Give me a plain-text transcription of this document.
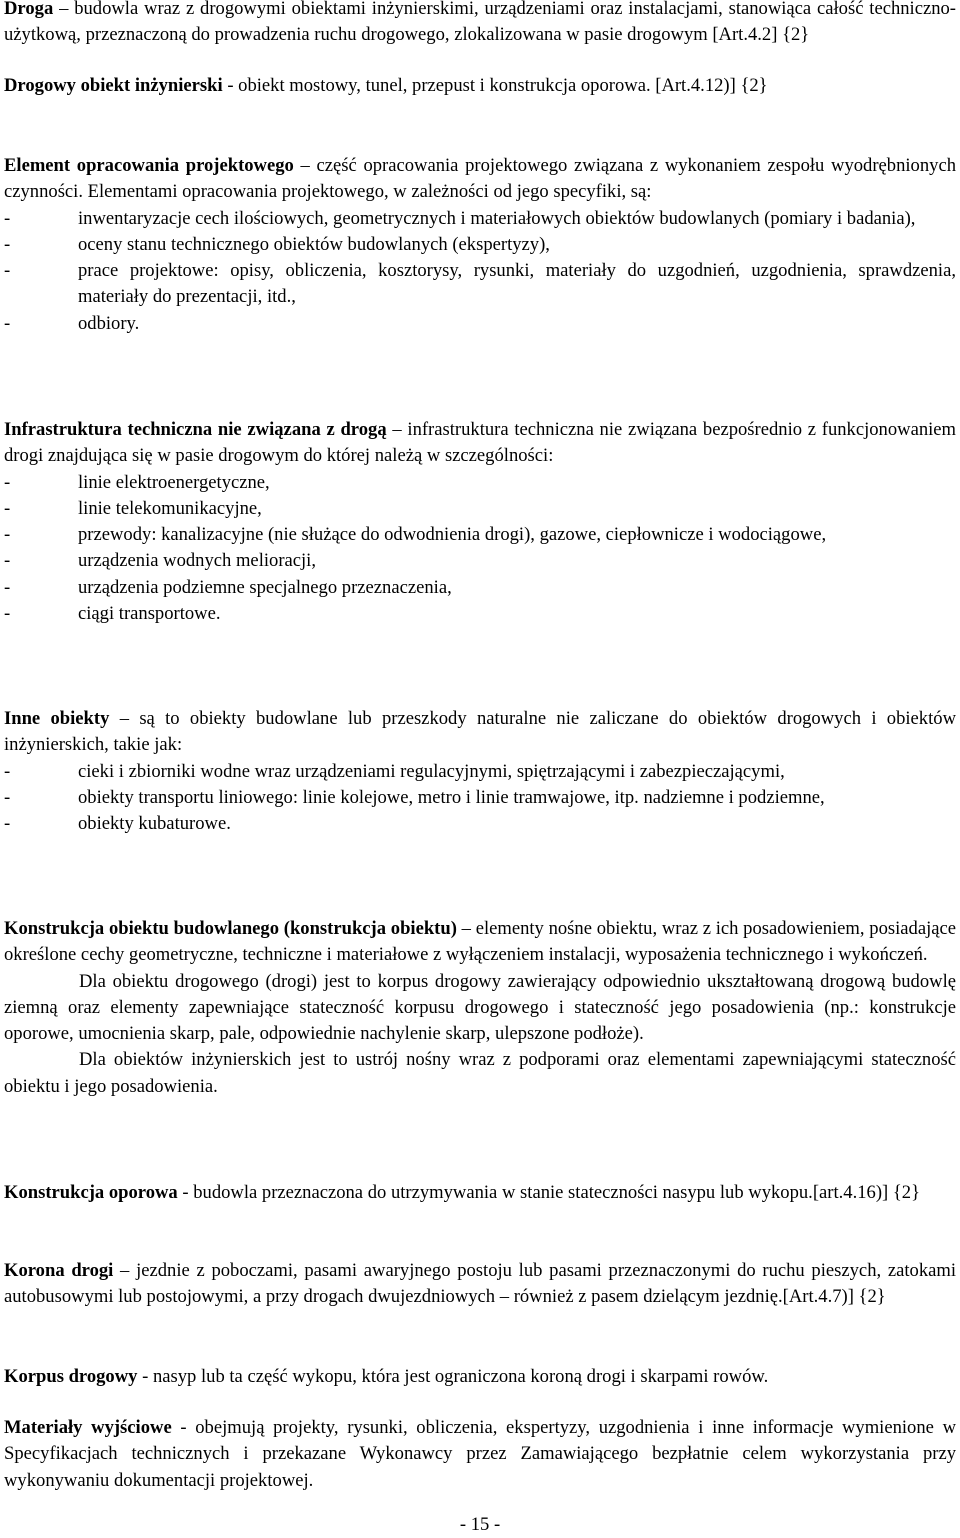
Droga – budowla wraz z drogowymi obiektami inżynierskimi, urządzeniami oraz instalacjami, stanowiąca całość techniczno-użytkową, przeznaczoną do prowadzenia ruchu drogowego, zlokalizowana w pasie drogowym [Art.4.2] {2}

Drogowy obiekt inżynierski - obiekt mostowy, tunel, przepust i konstrukcja oporowa. [Art.4.12)] {2}

Element opracowania projektowego – część opracowania projektowego związana z wykonaniem zespołu wyodrębnionych czynności. Elementami opracowania projektowego, w zależności od jego specyfiki, są:

- inwentaryzacje cech ilościowych, geometrycznych i materiałowych obiektów budowlanych (pomiary i badania),
- oceny stanu technicznego obiektów budowlanych (ekspertyzy),
- prace projektowe: opisy, obliczenia, kosztorysy, rysunki, materiały do uzgodnień, uzgodnienia, sprawdzenia, materiały do prezentacji, itd.,
- odbiory.

Infrastruktura techniczna nie związana z drogą – infrastruktura techniczna nie związana bezpośrednio z funkcjonowaniem drogi znajdująca się w pasie drogowym do której należą w szczególności:

- linie elektroenergetyczne,
- linie telekomunikacyjne,
- przewody: kanalizacyjne (nie służące do odwodnienia drogi), gazowe, ciepłownicze i wodociągowe,
- urządzenia wodnych melioracji,
- urządzenia podziemne specjalnego przeznaczenia,
- ciągi transportowe.

Inne obiekty – są to obiekty budowlane lub przeszkody naturalne nie zaliczane do obiektów drogowych i obiektów inżynierskich, takie jak:

- cieki i zbiorniki wodne wraz urządzeniami regulacyjnymi, spiętrzającymi i zabezpieczającymi,
- obiekty transportu liniowego: linie kolejowe, metro i linie tramwajowe, itp. nadziemne i podziemne,
- obiekty kubaturowe.

Konstrukcja obiektu budowlanego (konstrukcja obiektu) – elementy nośne obiektu, wraz z ich posadowieniem, posiadające określone cechy geometryczne, techniczne i materiałowe z wyłączeniem instalacji, wyposażenia technicznego i wykończeń.

Dla obiektu drogowego (drogi) jest to korpus drogowy zawierający odpowiednio ukształtowaną drogową budowlę ziemną oraz elementy zapewniające stateczność korpusu drogowego i stateczność jego posadowienia (np.: konstrukcje oporowe, umocnienia skarp, pale, odpowiednie nachylenie skarp, ulepszone podłoże).

Dla obiektów inżynierskich jest to ustrój nośny wraz z podporami oraz elementami zapewniającymi stateczność obiektu i jego posadowienia.

Konstrukcja oporowa - budowla przeznaczona do utrzymywania w stanie stateczności nasypu lub wykopu.[art.4.16)] {2}

Korona drogi – jezdnie z poboczami, pasami awaryjnego postoju lub pasami przeznaczonymi do ruchu pieszych, zatokami autobusowymi lub postojowymi, a przy drogach dwujezdniowych – również z pasem dzielącym jezdnię.[Art.4.7)] {2}

Korpus drogowy - nasyp lub ta część wykopu, która jest ograniczona koroną drogi i skarpami rowów.

Materiały wyjściowe - obejmują projekty, rysunki, obliczenia, ekspertyzy, uzgodnienia i inne informacje wymienione w Specyfikacjach technicznych i przekazane Wykonawcy przez Zamawiającego bezpłatnie celem wykorzystania przy wykonywaniu dokumentacji projektowej.

- 15 -
